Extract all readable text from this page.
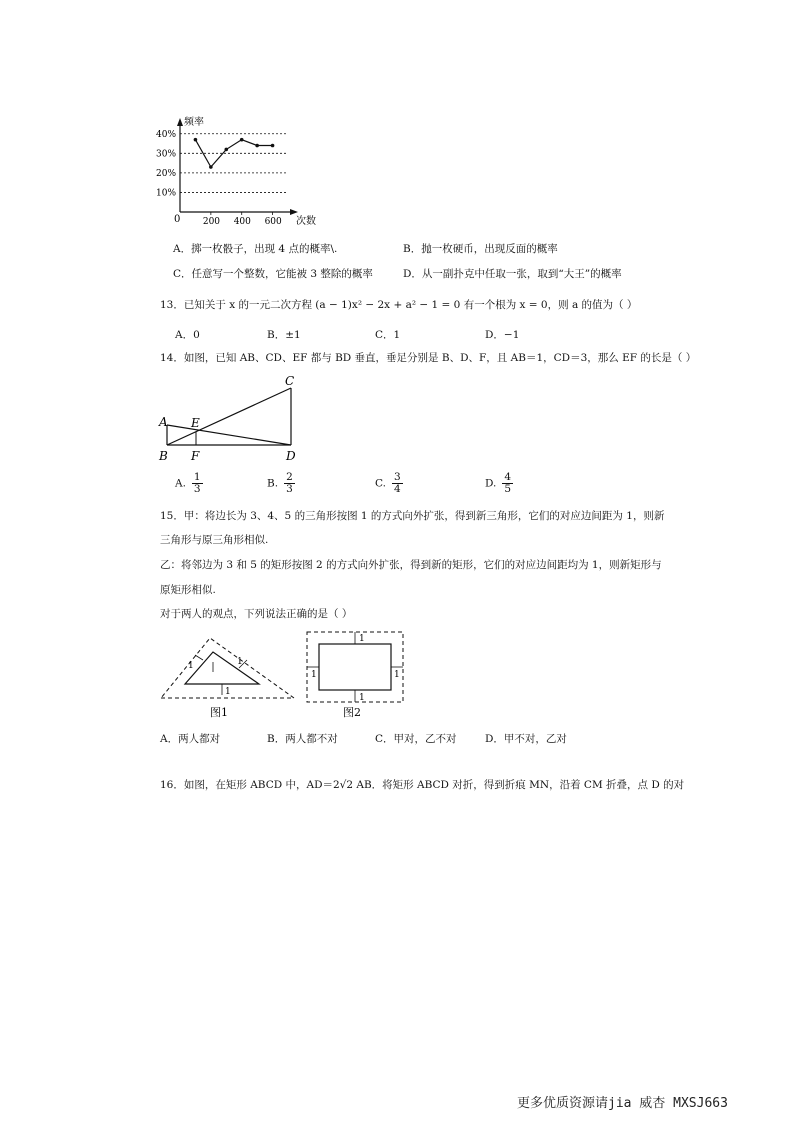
40%
30%
20%
10%
200 400 600
频率
次数
0
A．掷一枚骰子，出现 4 点的概率\.	B．抛一枚硬币，出现反面的概率
C．任意写一个整数，它能被 3 整除的概率	D．从一副扑克中任取一张，取到“大王”的概率
13．已知关于 x 的一元二次方程 (a − 1)x² − 2x + a² − 1 = 0 有一个根为 x = 0，则 a 的值为（ ）
A．0	B．±1	C．1	D．−1
14．如图，已知 AB、CD、EF 都与 BD 垂直，垂足分别是 B、D、F，且 AB＝1，CD＝3，那么 EF 的长是（ ）
C
A E
B F	D
A. $\frac{1}{3}$	B. $\frac{2}{3}$	C. $\frac{3}{4}$	D. $\frac{4}{5}$
15．甲：将边长为 3、4、5 的三角形按图 1 的方式向外扩张，得到新三角形，它们的对应边间距为 1，则新
三角形与原三角形相似.
乙：将邻边为 3 和 5 的矩形按图 2 的方式向外扩张，得到新的矩形，它们的对应边间距均为 1，则新矩形与
原矩形相似.
对于两人的观点，下列说法正确的是（ ）
1	1
1
图1
1
1
1	1
图2
A．两人都对	B．两人都不对	C．甲对，乙不对	D．甲不对，乙对
16．如图，在矩形 ABCD 中，AD＝2√2 AB．将矩形 ABCD 对折，得到折痕 MN，沿着 CM 折叠，点 D 的对
更多优质资源请jia 威杏 MXSJ663
